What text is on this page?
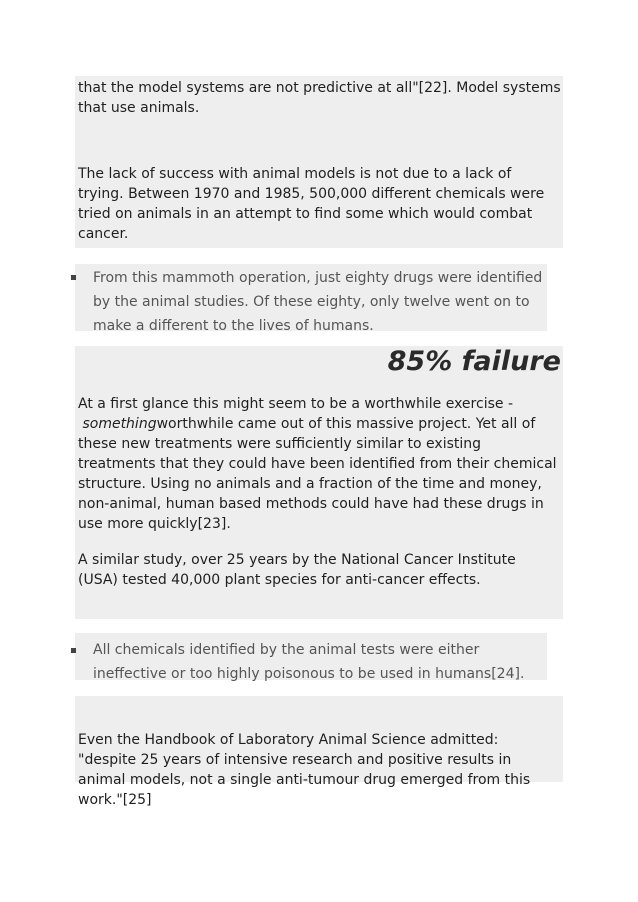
that the model systems are not predictive at all"[22]. Model systems that use animals.
The lack of success with animal models is not due to a lack of trying. Between 1970 and 1985, 500,000 different chemicals were tried on animals in an attempt to find some which would combat cancer.
From this mammoth operation, just eighty drugs were identified by the animal studies. Of these eighty, only twelve went on to make a different to the lives of humans.
85% failure
At a first glance this might seem to be a worthwhile exercise -
somethingworthwhile came out of this massive project. Yet all of these new treatments were sufficiently similar to existing treatments that they could have been identified from their chemical structure. Using no animals and a fraction of the time and money, non-animal, human based methods could have had these drugs in use more quickly[23].
A similar study, over 25 years by the National Cancer Institute (USA) tested 40,000 plant species for anti-cancer effects.
All chemicals identified by the animal tests were either ineffective or too highly poisonous to be used in humans[24].
Even the Handbook of Laboratory Animal Science admitted: "despite 25 years of intensive research and positive results in animal models, not a single anti-tumour drug emerged from this work."[25]
